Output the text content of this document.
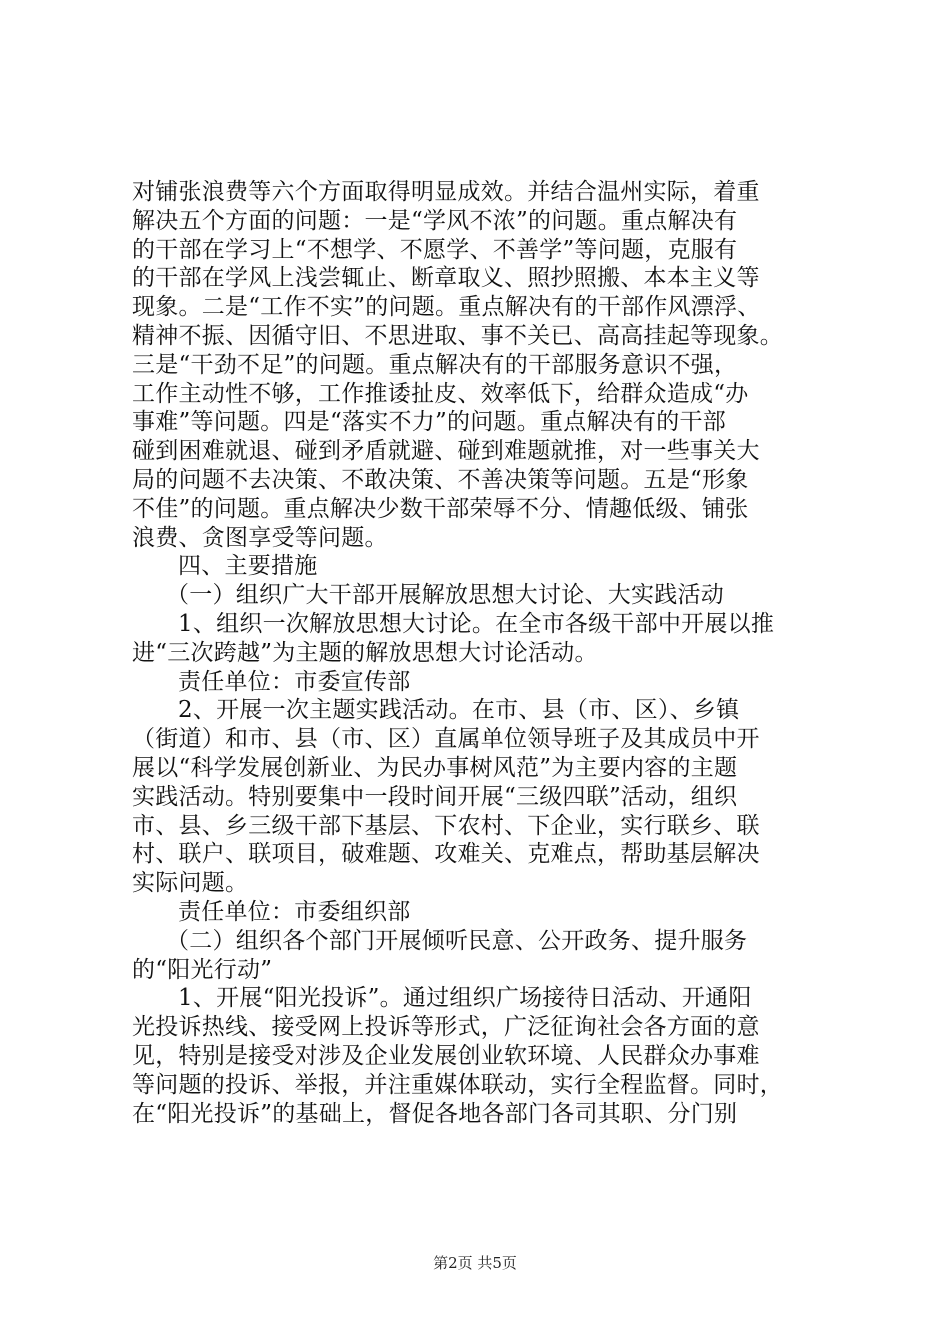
对铺张浪费等六个方面取得明显成效。并结合温州实际，着重
解决五个方面的问题：一是“学风不浓”的问题。重点解决有
的干部在学习上“不想学、不愿学、不善学”等问题，克服有
的干部在学风上浅尝辄止、断章取义、照抄照搬、本本主义等
现象。二是“工作不实”的问题。重点解决有的干部作风漂浮、
精神不振、因循守旧、不思进取、事不关已、高高挂起等现象。
三是“干劲不足”的问题。重点解决有的干部服务意识不强，
工作主动性不够，工作推诿扯皮、效率低下，给群众造成“办
事难”等问题。四是“落实不力”的问题。重点解决有的干部
碰到困难就退、碰到矛盾就避、碰到难题就推，对一些事关大
局的问题不去决策、不敢决策、不善决策等问题。五是“形象
不佳”的问题。重点解决少数干部荣辱不分、情趣低级、铺张
浪费、贪图享受等问题。
四、主要措施
（一）组织广大干部开展解放思想大讨论、大实践活动
1、组织一次解放思想大讨论。在全市各级干部中开展以推
进“三次跨越”为主题的解放思想大讨论活动。
责任单位：市委宣传部
2、开展一次主题实践活动。在市、县（市、区）、乡镇
（街道）和市、县（市、区）直属单位领导班子及其成员中开
展以“科学发展创新业、为民办事树风范”为主要内容的主题
实践活动。特别要集中一段时间开展“三级四联”活动，组织
市、县、乡三级干部下基层、下农村、下企业，实行联乡、联
村、联户、联项目，破难题、攻难关、克难点，帮助基层解决
实际问题。
责任单位：市委组织部
（二）组织各个部门开展倾听民意、公开政务、提升服务
的“阳光行动”
1、开展“阳光投诉”。通过组织广场接待日活动、开通阳
光投诉热线、接受网上投诉等形式，广泛征询社会各方面的意
见，特别是接受对涉及企业发展创业软环境、人民群众办事难
等问题的投诉、举报，并注重媒体联动，实行全程监督。同时，
在“阳光投诉”的基础上，督促各地各部门各司其职、分门别
第2页 共5页
